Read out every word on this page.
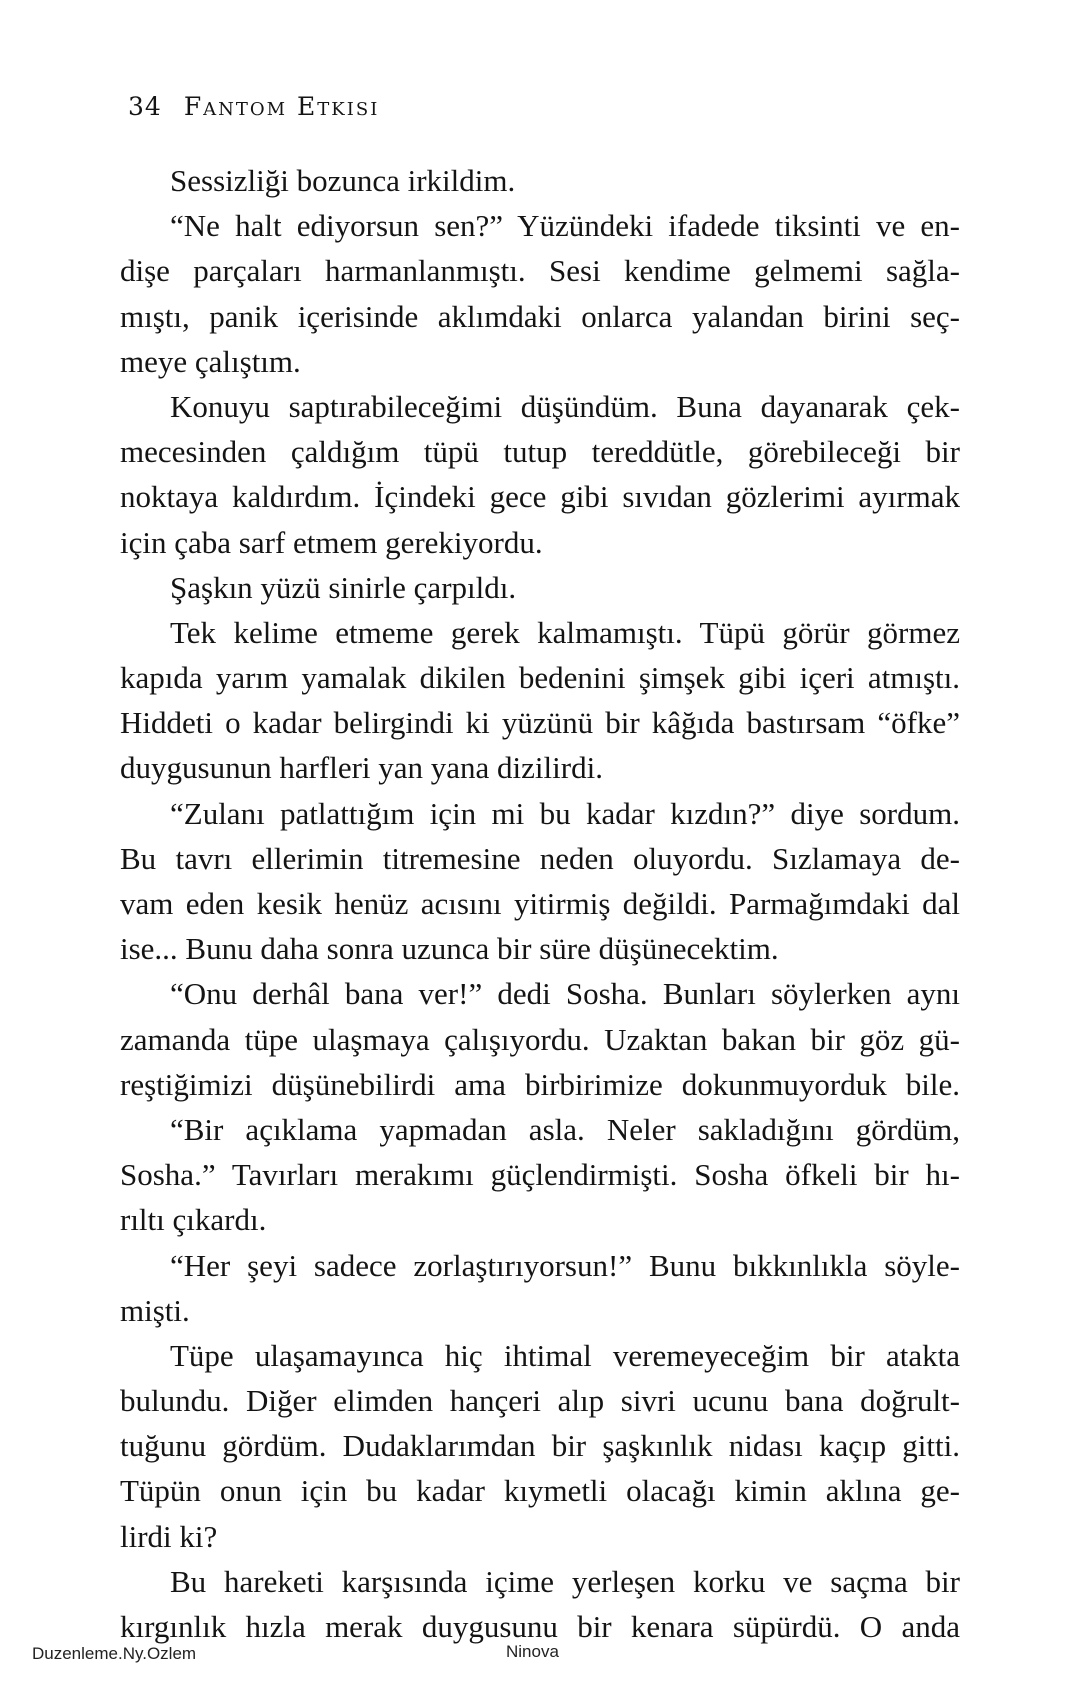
34 Fantom Etkisi
Sessizliği bozunca irkildim.
“Ne halt ediyorsun sen?” Yüzündeki ifadede tiksinti ve en-
dişe parçaları harmanlanmıştı. Sesi kendime gelmemi sağla-
mıştı, panik içerisinde aklımdaki onlarca yalandan birini seç-
meye çalıştım.
Konuyu saptırabileceğimi düşündüm. Buna dayanarak çek-
mecesinden çaldığım tüpü tutup tereddütle, görebileceği bir
noktaya kaldırdım. İçindeki gece gibi sıvıdan gözlerimi ayırmak
için çaba sarf etmem gerekiyordu.
Şaşkın yüzü sinirle çarpıldı.
Tek kelime etmeme gerek kalmamıştı. Tüpü görür görmez
kapıda yarım yamalak dikilen bedenini şimşek gibi içeri atmıştı.
Hiddeti o kadar belirgindi ki yüzünü bir kâğıda bastırsam “öfke”
duygusunun harfleri yan yana dizilirdi.
“Zulanı patlattığım için mi bu kadar kızdın?” diye sordum.
Bu tavrı ellerimin titremesine neden oluyordu. Sızlamaya de-
vam eden kesik henüz acısını yitirmiş değildi. Parmağımdaki dal
ise... Bunu daha sonra uzunca bir süre düşünecektim.
“Onu derhâl bana ver!” dedi Sosha. Bunları söylerken aynı
zamanda tüpe ulaşmaya çalışıyordu. Uzaktan bakan bir göz gü-
reştiğimizi düşünebilirdi ama birbirimize dokunmuyorduk bile.
“Bir açıklama yapmadan asla. Neler sakladığını gördüm,
Sosha.” Tavırları merakımı güçlendirmişti. Sosha öfkeli bir hı-
rıltı çıkardı.
“Her şeyi sadece zorlaştırıyorsun!” Bunu bıkkınlıkla söyle-
mişti.
Tüpe ulaşamayınca hiç ihtimal veremeyeceğim bir atakta
bulundu. Diğer elimden hançeri alıp sivri ucunu bana doğrult-
tuğunu gördüm. Dudaklarımdan bir şaşkınlık nidası kaçıp gitti.
Tüpün onun için bu kadar kıymetli olacağı kimin aklına ge-
lirdi ki?
Bu hareketi karşısında içime yerleşen korku ve saçma bir
kırgınlık hızla merak duygusunu bir kenara süpürdü. O anda
Duzenleme.Ny.Ozlem	Ninova
